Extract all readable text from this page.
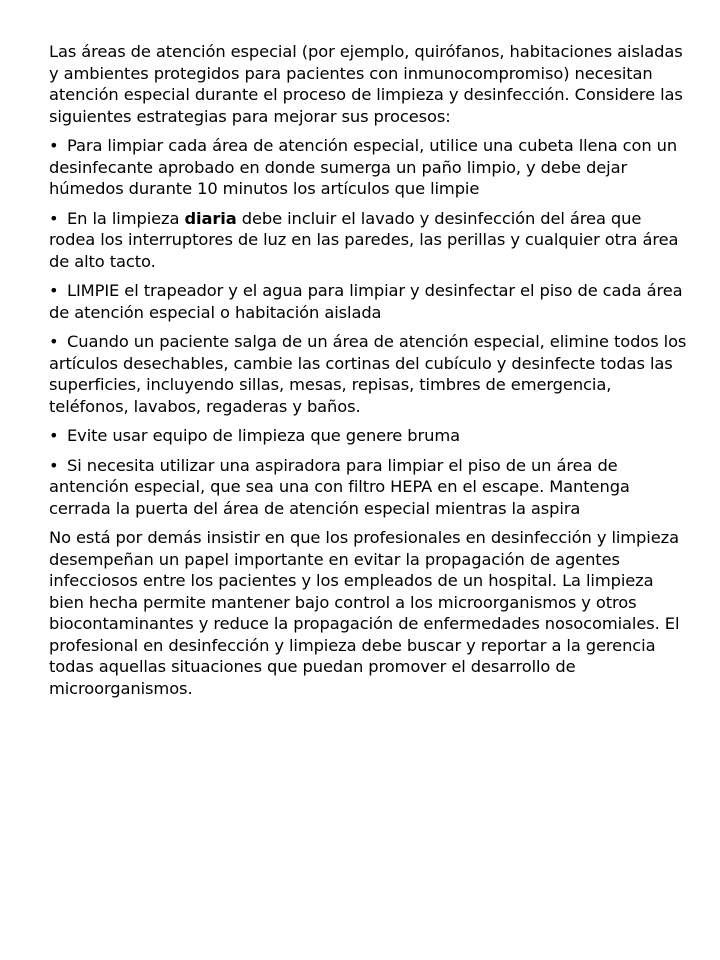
Las áreas de atención especial (por ejemplo, quirófanos, habitaciones aisladas y ambientes protegidos para pacientes con inmunocompromiso) necesitan atención especial durante el proceso de limpieza y desinfección. Considere las siguientes estrategias para mejorar sus procesos:

• Para limpiar cada área de atención especial, utilice una cubeta llena con un desinfecante aprobado en donde sumerga un paño limpio, y debe dejar húmedos durante 10 minutos los artículos que limpie

• En la limpieza diaria debe incluir el lavado y desinfección del área que rodea los interruptores de luz en las paredes, las perillas y cualquier otra área de alto tacto.

• LIMPIE el trapeador y el agua para limpiar y desinfectar el piso de cada área de atención especial o habitación aislada

• Cuando un paciente salga de un área de atención especial, elimine todos los artículos desechables, cambie las cortinas del cubículo y desinfecte todas las superficies, incluyendo sillas, mesas, repisas, timbres de emergencia, teléfonos, lavabos, regaderas y baños.

• Evite usar equipo de limpieza que genere bruma

• Si necesita utilizar una aspiradora para limpiar el piso de un área de antención especial, que sea una con filtro HEPA en el escape. Mantenga cerrada la puerta del área de atención especial mientras la aspira

No está por demás insistir en que los profesionales en desinfección y limpieza desempeñan un papel importante en evitar la propagación de agentes infecciosos entre los pacientes y los empleados de un hospital. La limpieza bien hecha permite mantener bajo control a los microorganismos y otros biocontaminantes y reduce la propagación de enfermedades nosocomiales. El profesional en desinfección y limpieza debe buscar y reportar a la gerencia todas aquellas situaciones que puedan promover el desarrollo de microorganismos.
